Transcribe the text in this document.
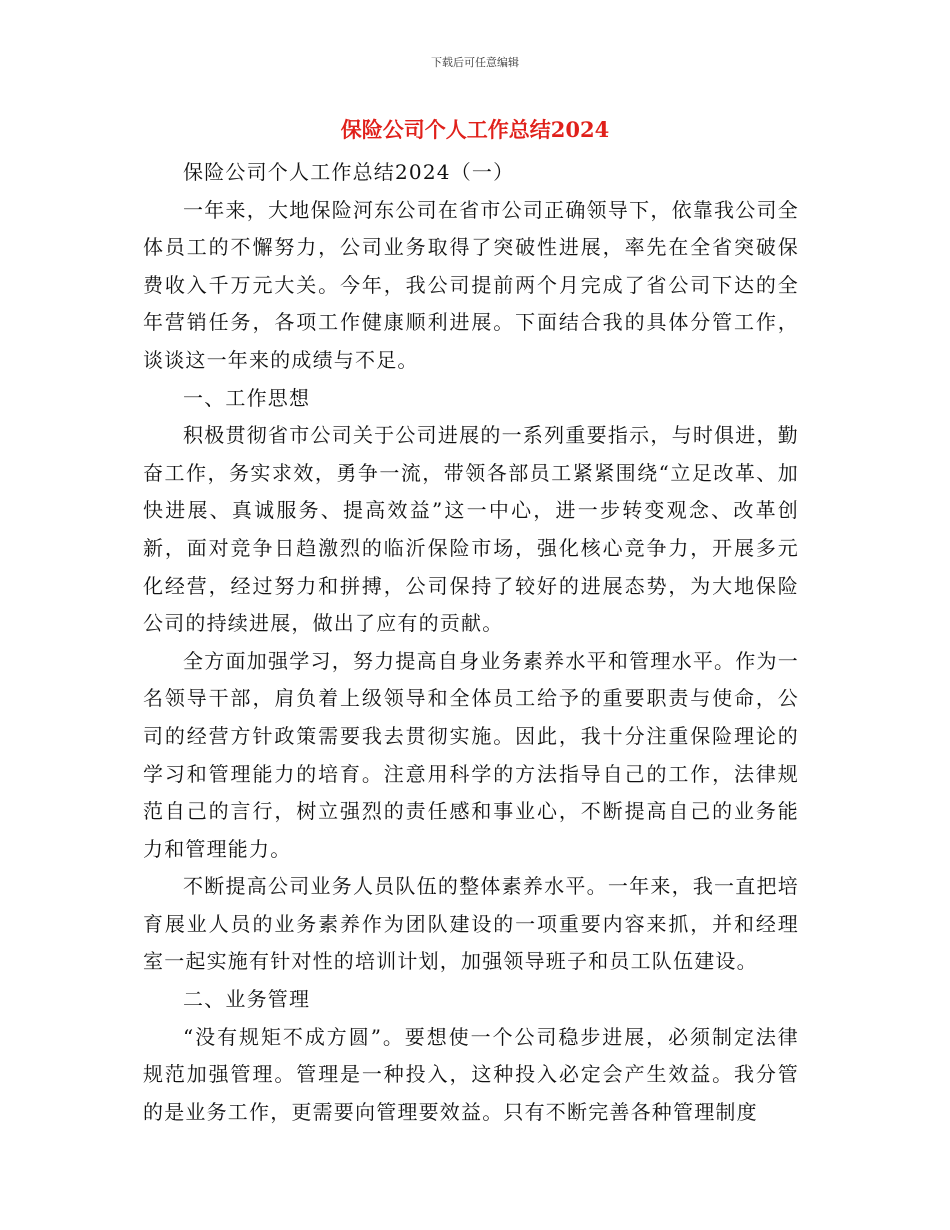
下载后可任意编辑
保险公司个人工作总结2024

保险公司个人工作总结2024（一）

一年来，大地保险河东公司在省市公司正确领导下，依靠我公司全体员工的不懈努力，公司业务取得了突破性进展，率先在全省突破保费收入千万元大关。今年，我公司提前两个月完成了省公司下达的全年营销任务，各项工作健康顺利进展。下面结合我的具体分管工作，谈谈这一年来的成绩与不足。

一、工作思想

积极贯彻省市公司关于公司进展的一系列重要指示，与时俱进，勤奋工作，务实求效，勇争一流，带领各部员工紧紧围绕“立足改革、加快进展、真诚服务、提高效益”这一中心，进一步转变观念、改革创新，面对竞争日趋激烈的临沂保险市场，强化核心竞争力，开展多元化经营，经过努力和拼搏，公司保持了较好的进展态势，为大地保险公司的持续进展，做出了应有的贡献。

全方面加强学习，努力提高自身业务素养水平和管理水平。作为一名领导干部，肩负着上级领导和全体员工给予的重要职责与使命，公司的经营方针政策需要我去贯彻实施。因此，我十分注重保险理论的学习和管理能力的培育。注意用科学的方法指导自己的工作，法律规范自己的言行，树立强烈的责任感和事业心，不断提高自己的业务能力和管理能力。

不断提高公司业务人员队伍的整体素养水平。一年来，我一直把培育展业人员的业务素养作为团队建设的一项重要内容来抓，并和经理室一起实施有针对性的培训计划，加强领导班子和员工队伍建设。

二、业务管理

“没有规矩不成方圆”。要想使一个公司稳步进展，必须制定法律规范加强管理。管理是一种投入，这种投入必定会产生效益。我分管的是业务工作，更需要向管理要效益。只有不断完善各种管理制度
